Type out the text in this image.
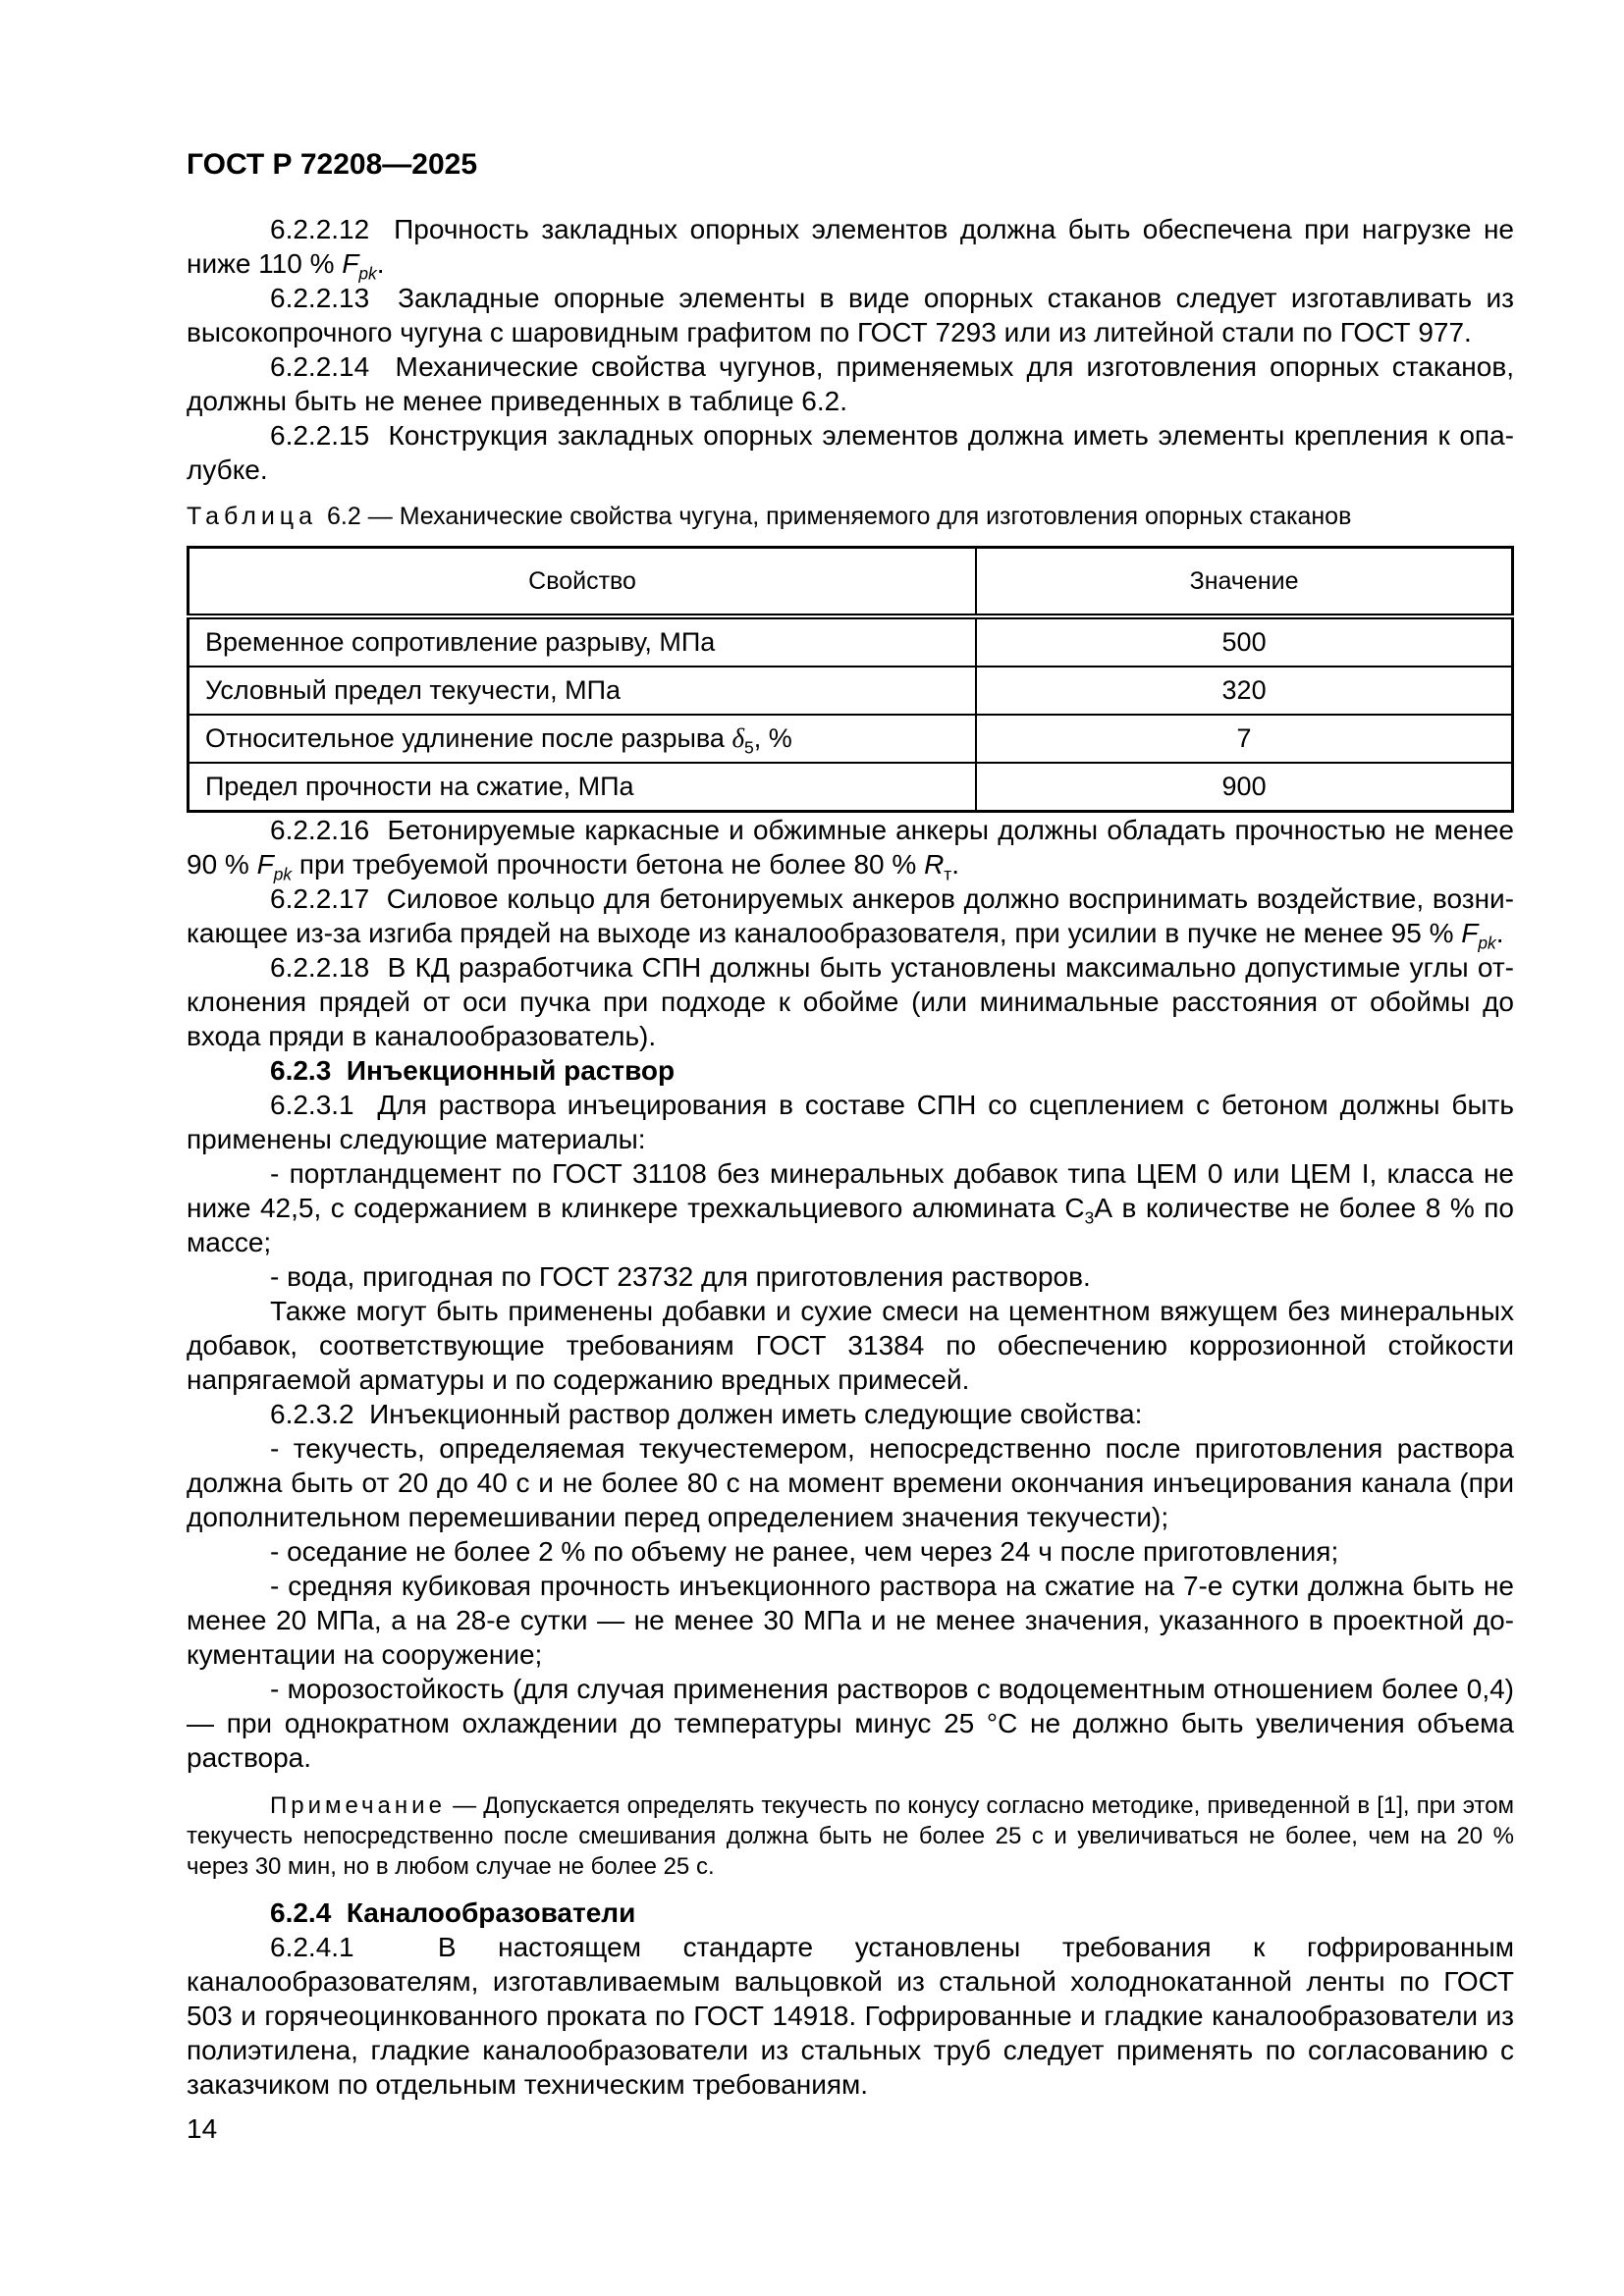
ГОСТ Р 72208—2025

6.2.2.12  Прочность закладных опорных элементов должна быть обеспечена при нагрузке не ниже 110 % $F_{pk}$.

6.2.2.13  Закладные опорные элементы в виде опорных стаканов следует изготавливать из высокопрочного чугуна с шаровидным графитом по ГОСТ 7293 или из литейной стали по ГОСТ 977.

6.2.2.14  Механические свойства чугунов, применяемых для изготовления опорных стаканов, должны быть не менее приведенных в таблице 6.2.

6.2.2.15  Конструкция закладных опорных элементов должна иметь элементы крепления к опалубке.

Таблица 6.2 — Механические свойства чугуна, применяемого для изготовления опорных стаканов

Свойство	Значение
Временное сопротивление разрыву, МПа	500
Условный предел текучести, МПа	320
Относительное удлинение после разрыва $\delta_5$, %	7
Предел прочности на сжатие, МПа	900

6.2.2.16  Бетонируемые каркасные и обжимные анкеры должны обладать прочностью не менее 90 % $F_{pk}$ при требуемой прочности бетона не более 80 % $R_т$.

6.2.2.17  Силовое кольцо для бетонируемых анкеров должно воспринимать воздействие, возникающее из-за изгиба прядей на выходе из каналообразователя, при усилии в пучке не менее 95 % $F_{pk}$.

6.2.2.18  В КД разработчика СПН должны быть установлены максимально допустимые углы отклонения прядей от оси пучка при подходе к обойме (или минимальные расстояния от обоймы до входа пряди в каналообразователь).

6.2.3  Инъекционный раствор

6.2.3.1  Для раствора инъецирования в составе СПН со сцеплением с бетоном должны быть применены следующие материалы:

- портландцемент по ГОСТ 31108 без минеральных добавок типа ЦЕМ 0 или ЦЕМ I, класса не ниже 42,5, с содержанием в клинкере трехкальциевого алюмината $С_3А$ в количестве не более 8 % по массе;

- вода, пригодная по ГОСТ 23732 для приготовления растворов.

Также могут быть применены добавки и сухие смеси на цементном вяжущем без минеральных добавок, соответствующие требованиям ГОСТ 31384 по обеспечению коррозионной стойкости напрягаемой арматуры и по содержанию вредных примесей.

6.2.3.2  Инъекционный раствор должен иметь следующие свойства:

- текучесть, определяемая текучестемером, непосредственно после приготовления раствора должна быть от 20 до 40 с и не более 80 с на момент времени окончания инъецирования канала (при дополнительном перемешивании перед определением значения текучести);

- оседание не более 2 % по объему не ранее, чем через 24 ч после приготовления;

- средняя кубиковая прочность инъекционного раствора на сжатие на 7-е сутки должна быть не менее 20 МПа, а на 28-е сутки — не менее 30 МПа и не менее значения, указанного в проектной документации на сооружение;

- морозостойкость (для случая применения растворов с водоцементным отношением более 0,4) — при однократном охлаждении до температуры минус 25 °С не должно быть увеличения объема раствора.

Примечание — Допускается определять текучесть по конусу согласно методике, приведенной в [1], при этом текучесть непосредственно после смешивания должна быть не более 25 с и увеличиваться не более, чем на 20 % через 30 мин, но в любом случае не более 25 с.

6.2.4  Каналообразователи

6.2.4.1  В настоящем стандарте установлены требования к гофрированным каналообразователям, изготавливаемым вальцовкой из стальной холоднокатанной ленты по ГОСТ 503 и горячеоцинкованного проката по ГОСТ 14918. Гофрированные и гладкие каналообразователи из полиэтилена, гладкие каналообразователи из стальных труб следует применять по согласованию с заказчиком по отдельным техническим требованиям.

14
